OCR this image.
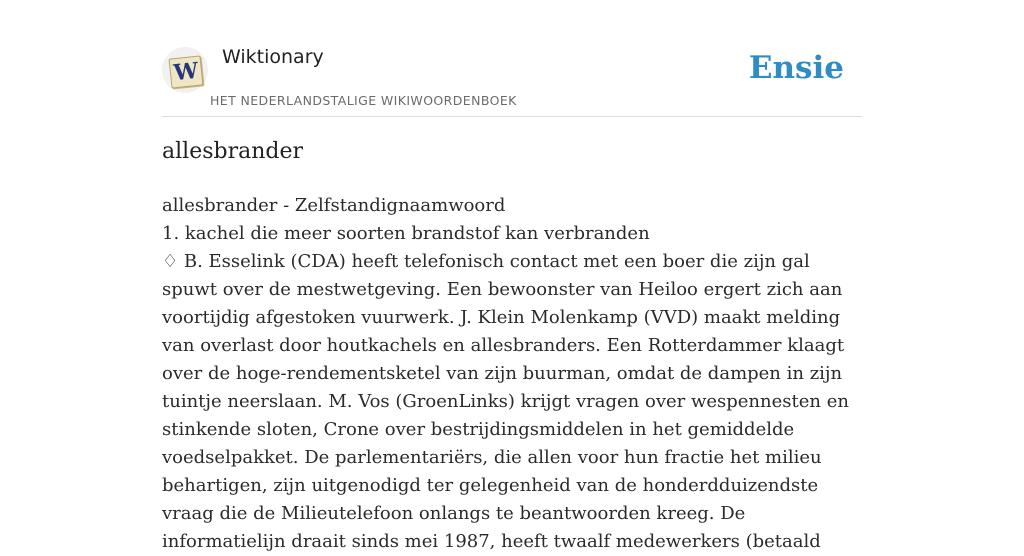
W
Wiktionary
HET NEDERLANDSTALIGE WIKIWOORDENBOEK
Ensie
allesbrander

allesbrander - Zelfstandignaamwoord

1. kachel die meer soorten brandstof kan verbranden

♢ B. Esselink (CDA) heeft telefonisch contact met een boer die zijn gal spuwt over de mestwetgeving. Een bewoonster van Heiloo ergert zich aan voortijdig afgestoken vuurwerk. J. Klein Molenkamp (VVD) maakt melding van overlast door houtkachels en allesbranders. Een Rotterdammer klaagt over de hoge-rendementsketel van zijn buurman, omdat de dampen in zijn tuintje neerslaan. M. Vos (GroenLinks) krijgt vragen over wespennesten en stinkende sloten, Crone over bestrijdingsmiddelen in het gemiddelde voedselpakket. De parlementariërs, die allen voor hun fractie het milieu behartigen, zijn uitgenodigd ter gelegenheid van de honderdduizendste vraag die de Milieutelefoon onlangs te beantwoorden kreeg. De informatielijn draait sinds mei 1987, heeft twaalf medewerkers (betaald
